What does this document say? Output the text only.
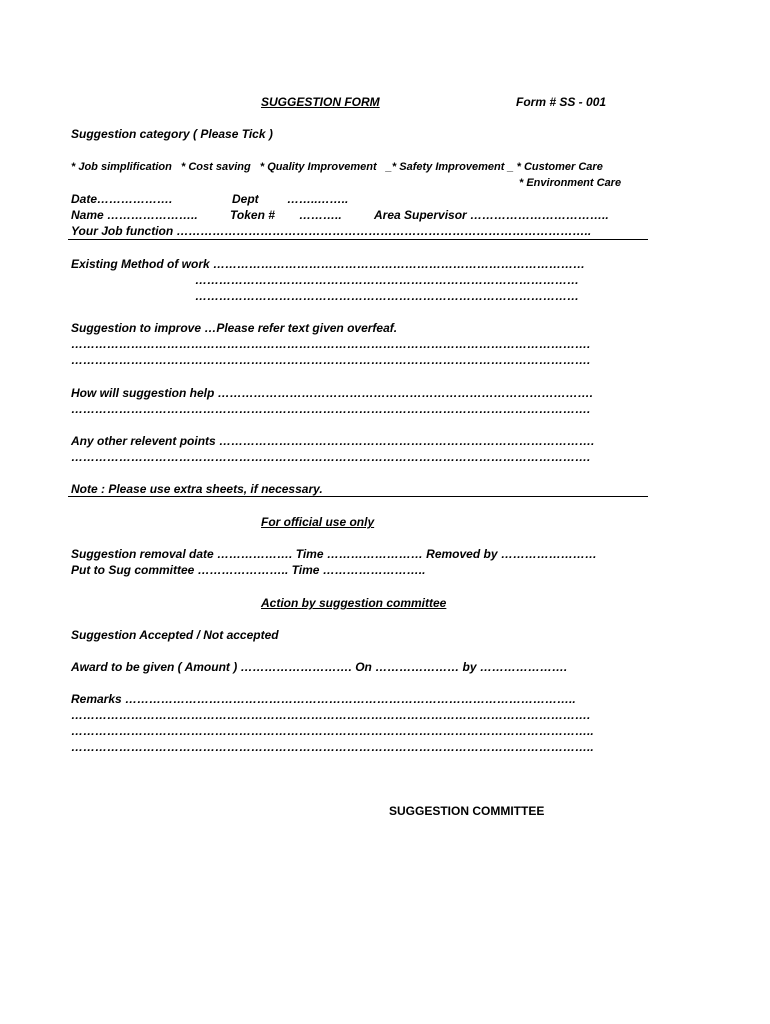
SUGGESTION FORM	Form # SS - 001
Suggestion category ( Please Tick )
* Job simplification   * Cost saving   * Quality Improvement   _* Safety Improvement _ * Customer Care
* Environment Care
Date……………….	Dept ……..……..
Name …………………..	Token # ………..	Area Supervisor ……………………………..
Your Job function …………………………………………………………………………………………..
Existing Method of work …………………………………………………………………………………
……………………………………………………………………………………
……………………………………………………………………………………
Suggestion to improve …Please refer text given overfeaf.
………………………………………………………………………………………………………………….
………………………………………………………………………………………………………………….
How will suggestion help ………………………………………………………………………………….
………………………………………………………………………………………………………………….
Any other relevent points ………………………………………………………………………………….
………………………………………………………………………………………………………………….
Note : Please use extra sheets, if necessary.
For official use only
Suggestion removal date ………………. Time …………………… Removed by ……………………
Put to Sug committee ………………….. Time ……………………..
Action by suggestion committee
Suggestion Accepted / Not accepted
Award to be given ( Amount ) ………………………. On ………………… by ………………….
Remarks …………………………………………………………………………………………………..
………………………………………………………………………………………………………………….
…………………………………………………………………………………………………………………..
…………………………………………………………………………………………………………………..
SUGGESTION COMMITTEE
